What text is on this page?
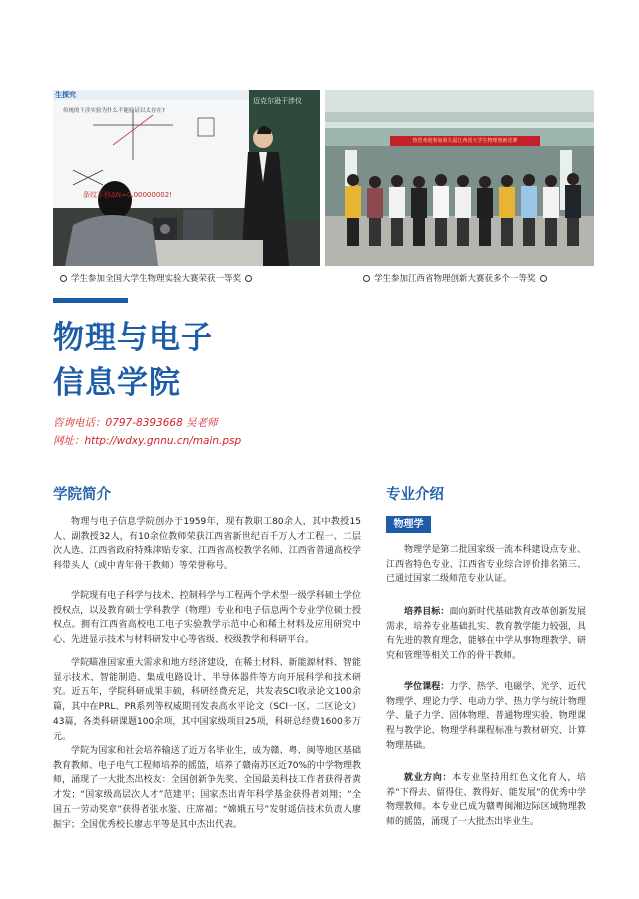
生探究
传统的干涉实验为什么不能验证以太存在?
条纹平移ΔN≈0.00000002!
迈克尔逊干涉仪
热烈欢迎参加第九届江西省大学生物理创新竞赛
学生参加全国大学生物理实验大赛荣获一等奖	学生参加江西省物理创新大赛获多个一等奖
物理与电子
信息学院
咨询电话：0797-8393668 吴老师
网址：http://wdxy.gnnu.cn/main.psp
学院简介

物理与电子信息学院创办于1959年，现有教职工80余人，其中教授15人、副教授32人，有10余位教师荣获江西省新世纪百千万人才工程一、二层次人选、江西省政府特殊津贴专家、江西省高校教学名师、江西省普通高校学科带头人（或中青年骨干教师）等荣誉称号。

学院现有电子科学与技术、控制科学与工程两个学术型一级学科硕士学位授权点，以及教育硕士学科教学（物理）专业和电子信息两个专业学位硕士授权点。拥有江西省高校电工电子实验教学示范中心和稀土材料及应用研究中心、先进显示技术与材料研发中心等省级、校级教学和科研平台。

学院瞄准国家重大需求和地方经济建设，在稀土材料、新能源材料、智能显示技术、智能制造、集成电路设计、半导体器件等方向开展科学和技术研究。近五年，学院科研成果丰硕，科研经费充足，共发表SCI收录论文100余篇，其中在PRL、PR系列等权威期刊发表高水平论文（SCI一区、二区论文）43篇，各类科研课题100余项，其中国家级项目25项，科研总经费1600多万元。

学院为国家和社会培养输送了近万名毕业生，成为赣、粤、闽等地区基础教育教师、电子电气工程师培养的摇篮，培养了赣南苏区近70%的中学物理教师，涌现了一大批杰出校友：全国创新争先奖、全国最美科技工作者获得者黄才发；“国家级高层次人才”范建平；国家杰出青年科学基金获得者刘翔；“全国五一劳动奖章”获得者张水鉴、庄席福；“嫦娥五号”发射遥信技术负责人廖振宇；全国优秀校长廖志平等是其中杰出代表。

专业介绍
物理学

物理学是第二批国家级一流本科建设点专业、江西省特色专业、江西省专业综合评价排名第三、已通过国家二级师范专业认证。

培养目标：面向新时代基础教育改革创新发展需求，培养专业基础扎实、教育教学能力较强，具有先进的教育理念，能够在中学从事物理教学、研究和管理等相关工作的骨干教师。

学位课程：力学、热学、电磁学、光学、近代物理学、理论力学、电动力学、热力学与统计物理学、量子力学、固体物理、普通物理实验、物理课程与教学论、物理学科课程标准与教材研究、计算物理基础。

就业方向：本专业坚持用红色文化育人，培养“下得去、留得住、教得好、能发展”的优秀中学物理教师。本专业已成为赣粤闽湘边际区域物理教师的摇篮，涌现了一大批杰出毕业生。
